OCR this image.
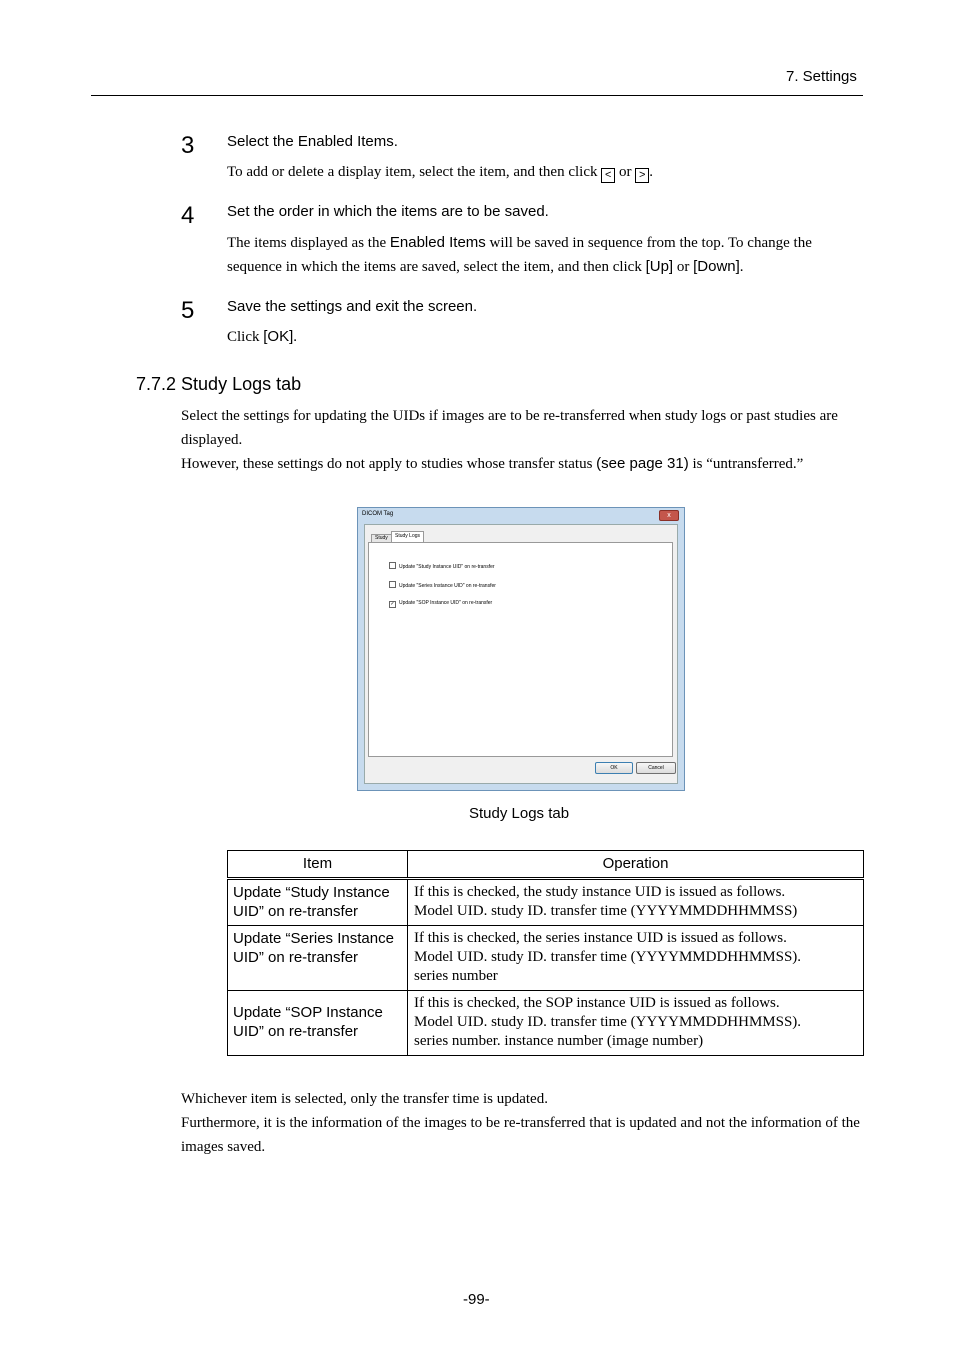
7. Settings
3 Select the Enabled Items.
To add or delete a display item, select the item, and then click < or > .
4 Set the order in which the items are to be saved.
The items displayed as the Enabled Items will be saved in sequence from the top. To change the sequence in which the items are saved, select the item, and then click [Up] or [Down].
5 Save the settings and exit the screen.
Click [OK].
7.7.2 Study Logs tab
Select the settings for updating the UIDs if images are to be re-transferred when study logs or past studies are displayed.
However, these settings do not apply to studies whose transfer status (see page 31) is “untransferred.”
DICOM Tag	x
Study	Study Logs
Update "Study Instance UID" on re-transfer
Update "Series Instance UID" on re-transfer
✓ Update "SOP Instance UID" on re-transfer
OK	Cancel
Study Logs tab
Item	Operation
Update “Study Instance UID” on re-transfer	If this is checked, the study instance UID is issued as follows.
Model UID. study ID. transfer time (YYYYMMDDHHMMSS)

Update “Series Instance UID” on re-transfer	If this is checked, the series instance UID is issued as follows.
Model UID. study ID. transfer time (YYYYMMDDHHMMSS).
series number

Update “SOP Instance UID” on re-transfer	If this is checked, the SOP instance UID is issued as follows.
Model UID. study ID. transfer time (YYYYMMDDHHMMSS).
series number. instance number (image number)
Whichever item is selected, only the transfer time is updated.
Furthermore, it is the information of the images to be re-transferred that is updated and not the information of the images saved.
-99-
